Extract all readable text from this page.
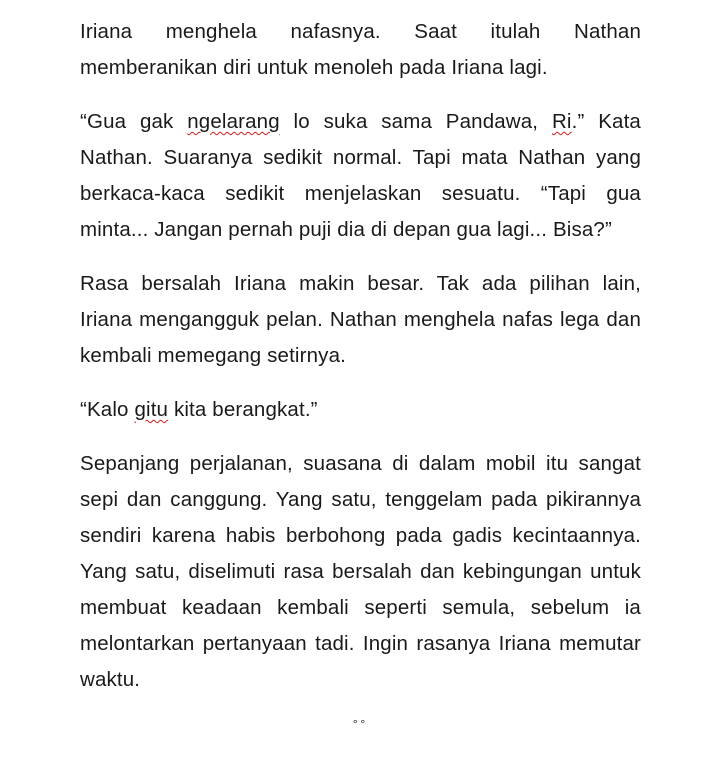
Iriana menghela nafasnya. Saat itulah Nathan memberanikan diri untuk menoleh pada Iriana lagi.

“Gua gak ngelarang lo suka sama Pandawa, Ri.” Kata Nathan. Suaranya sedikit normal. Tapi mata Nathan yang berkaca-kaca sedikit menjelaskan sesuatu. “Tapi gua minta... Jangan pernah puji dia di depan gua lagi... Bisa?”

Rasa bersalah Iriana makin besar. Tak ada pilihan lain, Iriana mengangguk pelan. Nathan menghela nafas lega dan kembali memegang setirnya.

“Kalo gitu kita berangkat.”

Sepanjang perjalanan, suasana di dalam mobil itu sangat sepi dan canggung. Yang satu, tenggelam pada pikirannya sendiri karena habis berbohong pada gadis kecintaannya. Yang satu, diselimuti rasa bersalah dan kebingungan untuk membuat keadaan kembali seperti semula, sebelum ia melontarkan pertanyaan tadi. Ingin rasanya Iriana memutar waktu.

°°
